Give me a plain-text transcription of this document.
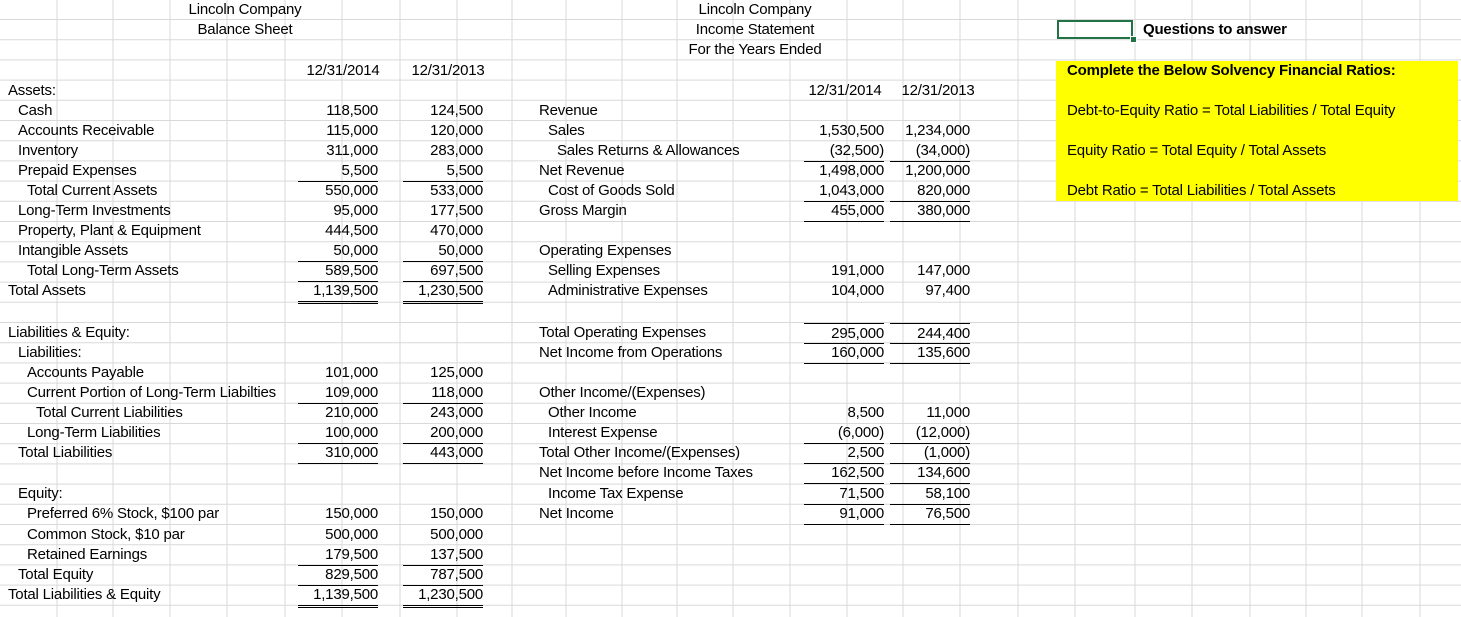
Lincoln Company
Balance Sheet
12/31/2014	12/31/2013
Assets:
Cash
Accounts Receivable
Inventory
Prepaid Expenses
Total Current Assets
Long-Term Investments
Property, Plant & Equipment
Intangible Assets
Total Long-Term Assets
Total Assets
118,500
115,000
311,000
5,500
550,000
95,000
444,500
50,000
589,500
1,139,500
124,500
120,000
283,000
5,500
533,000
177,500
470,000
50,000
697,500
1,230,500
Liabilities & Equity:
Liabilities:
Accounts Payable
Current Portion of Long-Term Liabilties
Total Current Liabilities
Long-Term Liabilities
Total Liabilities
101,000
109,000
210,000
100,000
310,000
125,000
118,000
243,000
200,000
443,000
Equity:
Preferred 6% Stock, $100 par
Common Stock, $10 par
Retained Earnings
Total Equity
Total Liabilities & Equity
150,000
500,000
179,500
829,500
1,139,500
150,000
500,000
137,500
787,500
1,230,500
Lincoln Company
Income Statement
For the Years Ended
12/31/2014	12/31/2013
Revenue
Sales
Sales Returns & Allowances
Net Revenue
Cost of Goods Sold
Gross Margin
Operating Expenses
Selling Expenses
Administrative Expenses
Total Operating Expenses
Net Income from Operations
Other Income/(Expenses)
Other Income
Interest Expense
Total Other Income/(Expenses)
Net Income before Income Taxes
Income Tax Expense
Net Income
1,530,500
(32,500)
1,498,000
1,043,000
455,000
191,000
104,000
295,000
160,000
8,500
(6,000)
2,500
162,500
71,500
91,000
1,234,000
(34,000)
1,200,000
820,000
380,000
147,000
97,400
244,400
135,600
11,000
(12,000)
(1,000)
134,600
58,100
76,500
Questions to answer
Complete the Below Solvency Financial Ratios:
Debt-to-Equity Ratio = Total Liabilities / Total Equity
Equity Ratio = Total Equity / Total Assets
Debt Ratio = Total Liabilities / Total Assets
